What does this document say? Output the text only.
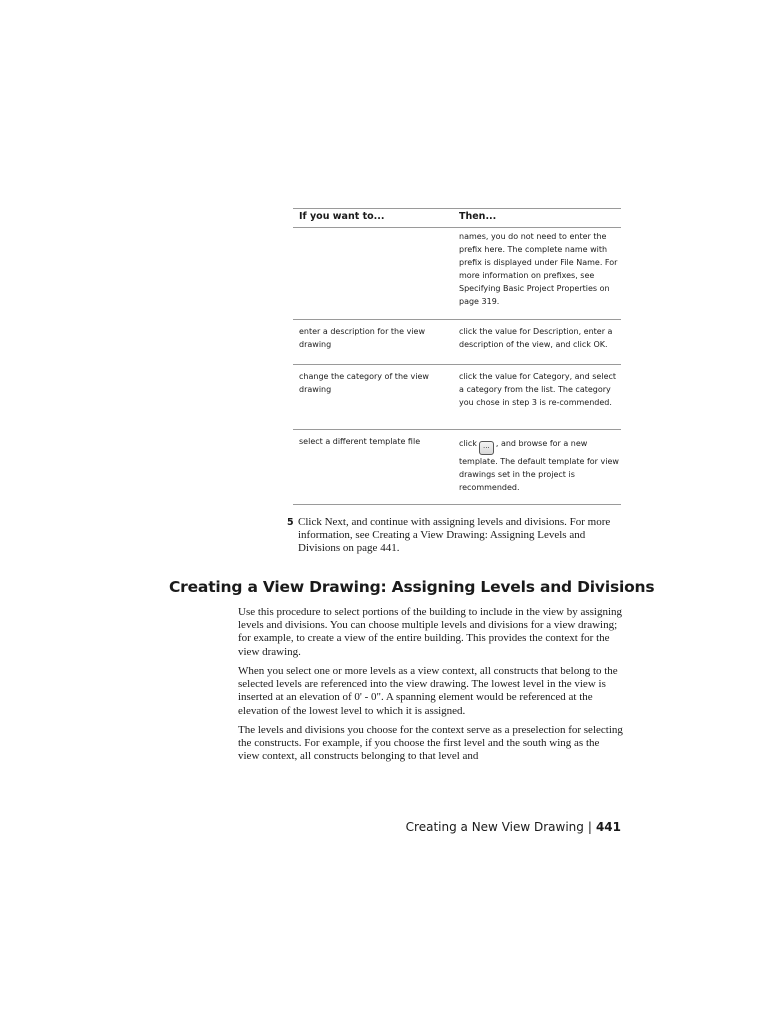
If you want to...	Then...
names, you do not need to enter the prefix here. The complete name with prefix is displayed under File Name. For more information on prefixes, see Specifying Basic Project Properties on page 319.
enter a description for the view drawing
click the value for Description, enter a description of the view, and click OK.
change the category of the view drawing
click the value for Category, and select a category from the list. The category you chose in step 3 is re-commended.
select a different template file	click ... , and browse for a new template. The default template for view drawings set in the project is recommended.
5 Click Next, and continue with assigning levels and divisions. For more information, see Creating a View Drawing: Assigning Levels and Divisions on page 441.
Creating a View Drawing: Assigning Levels and Divisions
Use this procedure to select portions of the building to include in the view by assigning levels and divisions. You can choose multiple levels and divisions for a view drawing; for example, to create a view of the entire building. This provides the context for the view drawing.
When you select one or more levels as a view context, all constructs that belong to the selected levels are referenced into the view drawing. The lowest level in the view is inserted at an elevation of 0' - 0". A spanning element would be referenced at the elevation of the lowest level to which it is assigned.
The levels and divisions you choose for the context serve as a preselection for selecting the constructs. For example, if you choose the first level and the south wing as the view context, all constructs belonging to that level and
Creating a New View Drawing | 441
